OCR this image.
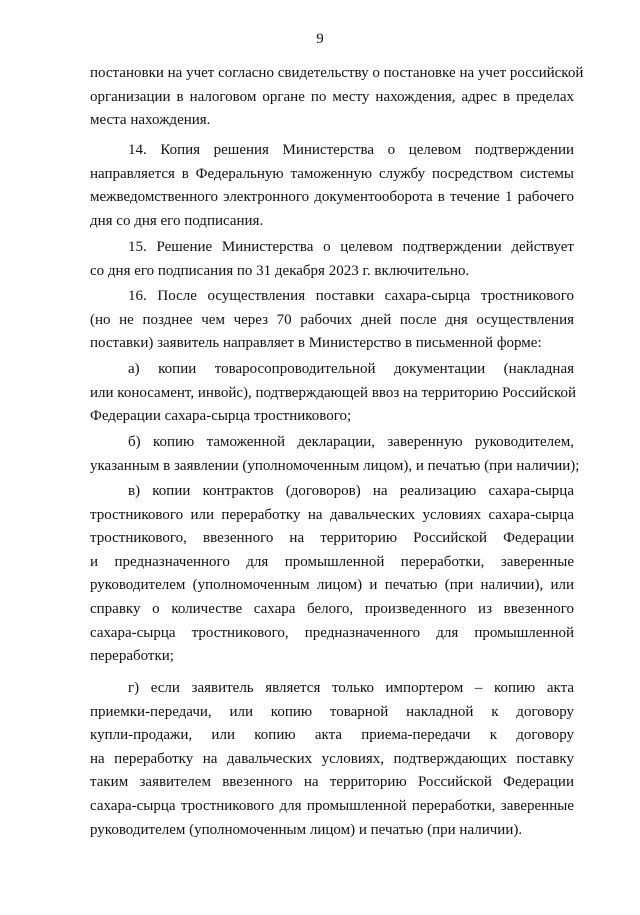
9
постановки на учет согласно свидетельству о постановке на учет российской
организации в налоговом органе по месту нахождения, адрес в пределах
места нахождения.
14. Копия решения Министерства о целевом подтверждении
направляется в Федеральную таможенную службу посредством системы
межведомственного электронного документооборота в течение 1 рабочего
дня со дня его подписания.
15. Решение Министерства о целевом подтверждении действует
со дня его подписания по 31 декабря 2023 г. включительно.
16. После осуществления поставки сахара-сырца тростникового
(но не позднее чем через 70 рабочих дней после дня осуществления
поставки) заявитель направляет в Министерство в письменной форме:
а) копии товаросопроводительной документации (накладная
или коносамент, инвойс), подтверждающей ввоз на территорию Российской
Федерации сахара-сырца тростникового;
б) копию таможенной декларации, заверенную руководителем,
указанным в заявлении (уполномоченным лицом), и печатью (при наличии);
в) копии контрактов (договоров) на реализацию сахара-сырца
тростникового или переработку на давальческих условиях сахара-сырца
тростникового, ввезенного на территорию Российской Федерации
и предназначенного для промышленной переработки, заверенные
руководителем (уполномоченным лицом) и печатью (при наличии), или
справку о количестве сахара белого, произведенного из ввезенного
сахара-сырца тростникового, предназначенного для промышленной
переработки;
г) если заявитель является только импортером – копию акта
приемки-передачи, или копию товарной накладной к договору
купли-продажи, или копию акта приема-передачи к договору
на переработку на давальческих условиях, подтверждающих поставку
таким заявителем ввезенного на территорию Российской Федерации
сахара-сырца тростникового для промышленной переработки, заверенные
руководителем (уполномоченным лицом) и печатью (при наличии).
